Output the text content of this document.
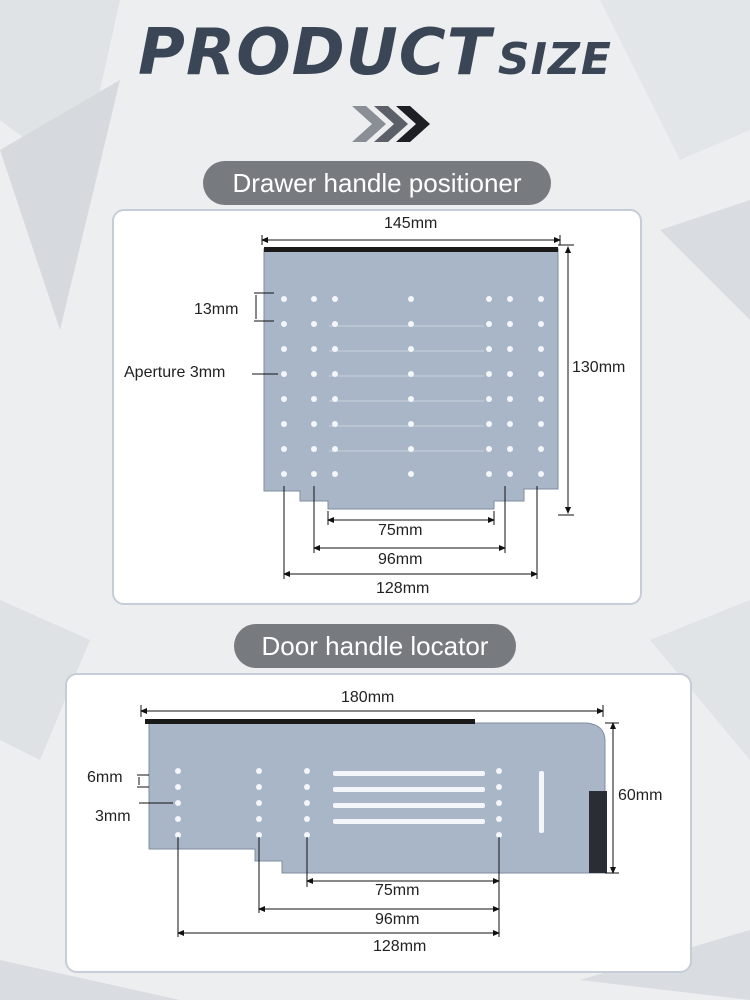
PRODUCT SIZE
Drawer handle positioner
145mm
130mm
13mm
Aperture 3mm
75mm
96mm
128mm
Door handle locator
180mm
60mm
6mm
3mm
75mm
96mm
128mm
